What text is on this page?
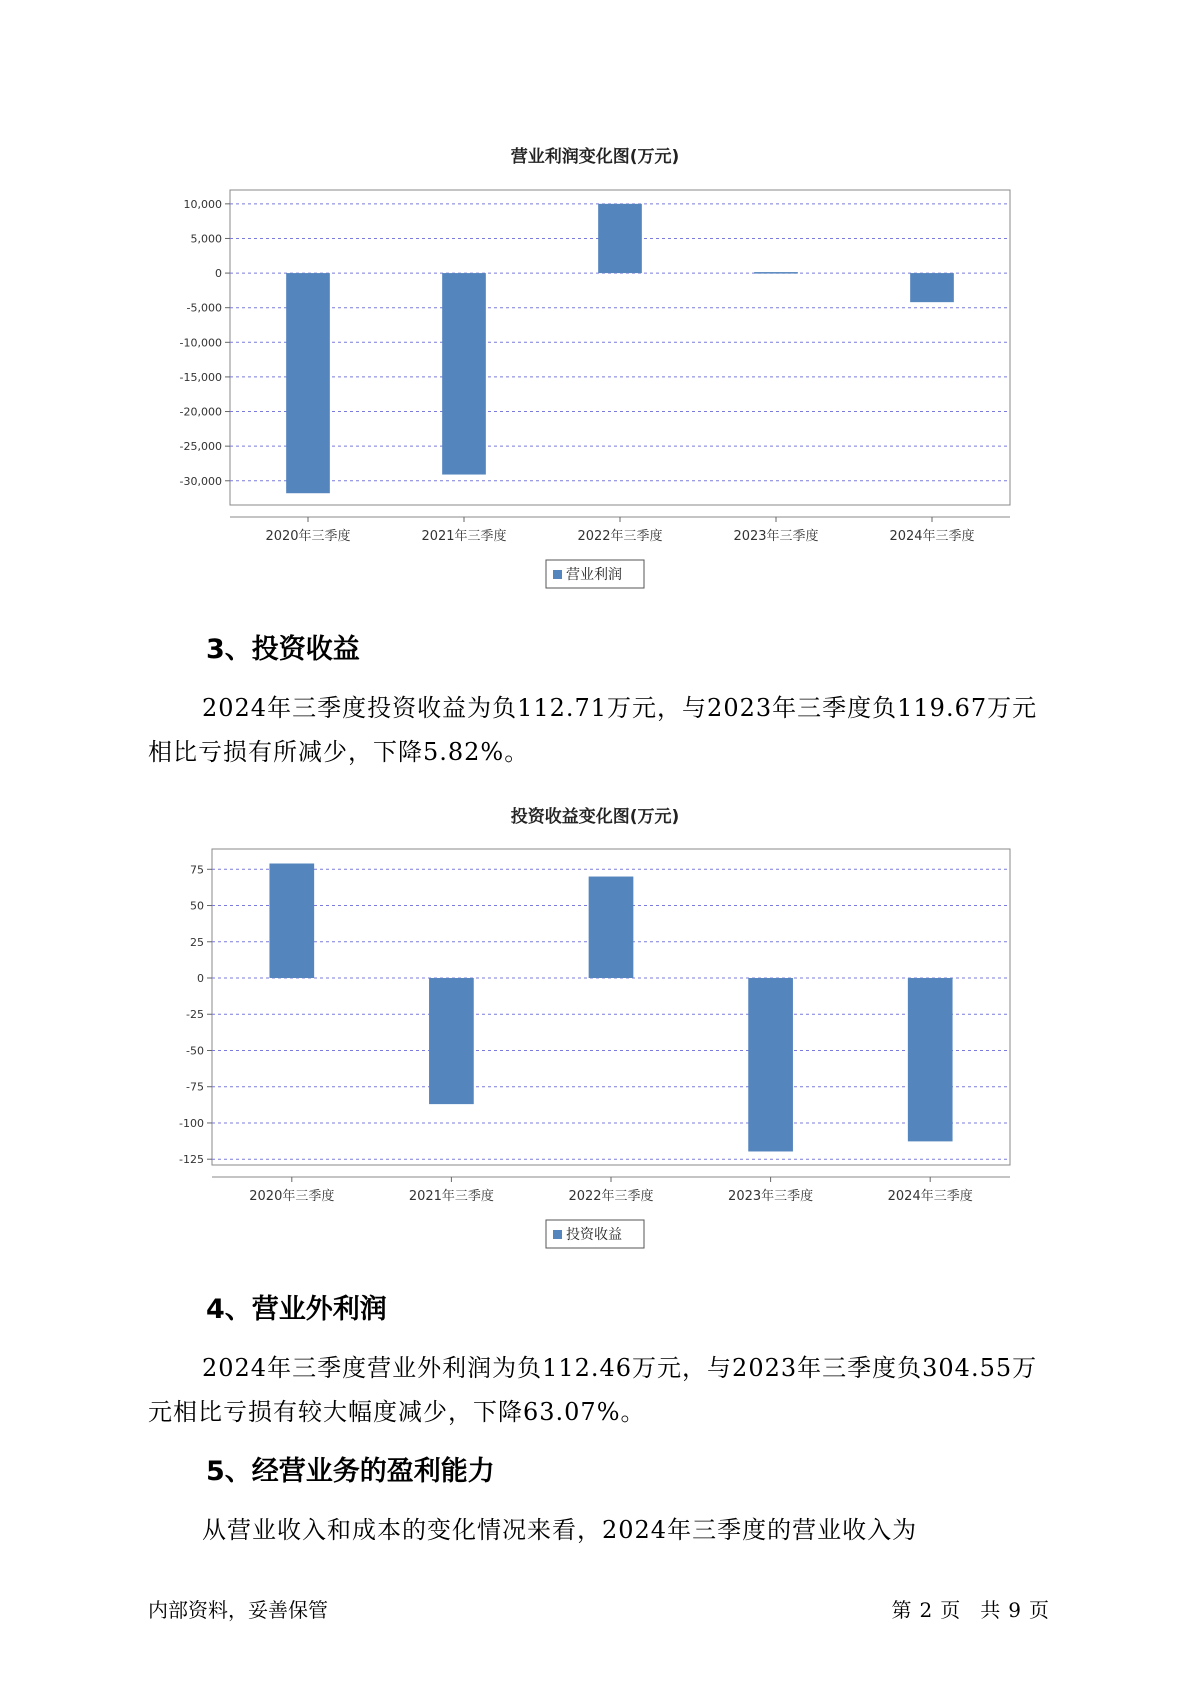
营业利润变化图(万元)
10,000
5,000
0
-5,000
-10,000
-15,000
-20,000
-25,000
-30,000
2020年三季度	2021年三季度	2022年三季度	2023年三季度	2024年三季度
营业利润
3、投资收益

2024年三季度投资收益为负112.71万元，与2023年三季度负119.67万元相比亏损有所减少，下降5.82%。

投资收益变化图(万元)
75
50
25
0
-25
-50
-75
-100
-125
2020年三季度	2021年三季度	2022年三季度	2023年三季度	2024年三季度
投资收益
4、营业外利润

2024年三季度营业外利润为负112.46万元，与2023年三季度负304.55万元相比亏损有较大幅度减少，下降63.07%。

5、经营业务的盈利能力

从营业收入和成本的变化情况来看，2024年三季度的营业收入为

内部资料，妥善保管	第 2 页 共 9 页
